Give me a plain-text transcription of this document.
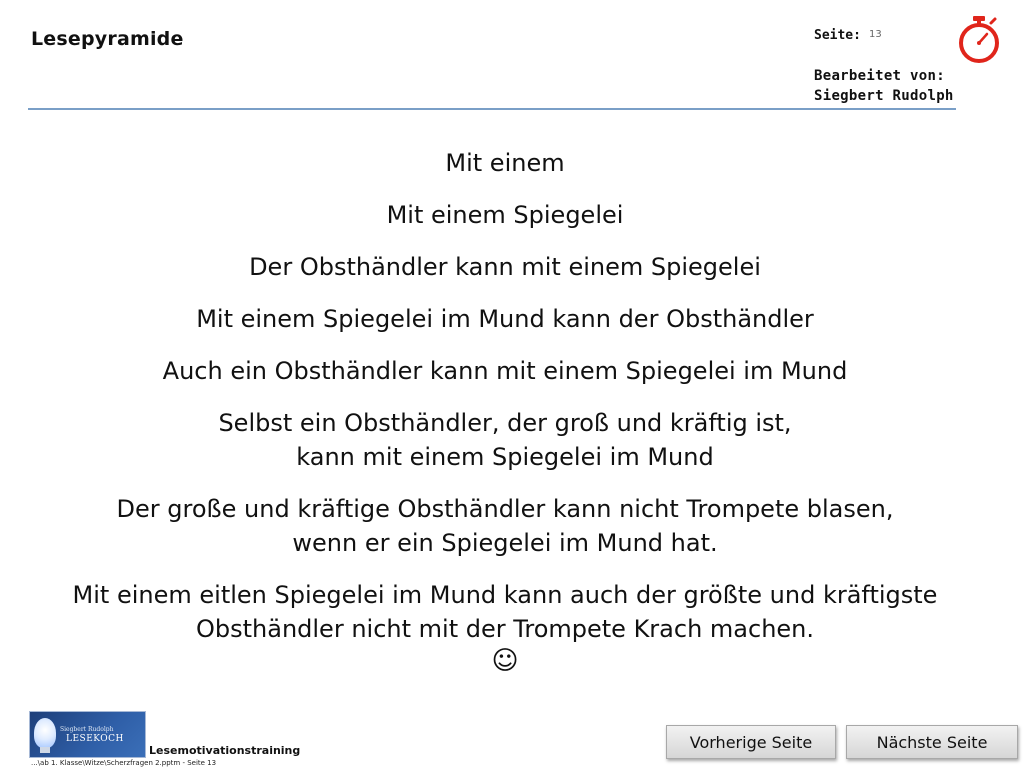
Lesepyramide	Seite: 13
Bearbeitet von:
Siegbert Rudolph
Mit einem
Mit einem Spiegelei
Der Obsthändler kann mit einem Spiegelei
Mit einem Spiegelei im Mund kann der Obsthändler
Auch ein Obsthändler kann mit einem Spiegelei im Mund
Selbst ein Obsthändler, der groß und kräftig ist,
kann mit einem Spiegelei im Mund
Der große und kräftige Obsthändler kann nicht Trompete blasen,
wenn er ein Spiegelei im Mund hat.
Mit einem eitlen Spiegelei im Mund kann auch der größte und kräftigste
Obsthändler nicht mit der Trompete Krach machen.
☺
Siegbert Rudolph
LESEKOCH
Lesemotivationstraining
...\ab 1. Klasse\Witze\Scherzfragen 2.pptm - Seite 13
Vorherige Seite	Nächste Seite
